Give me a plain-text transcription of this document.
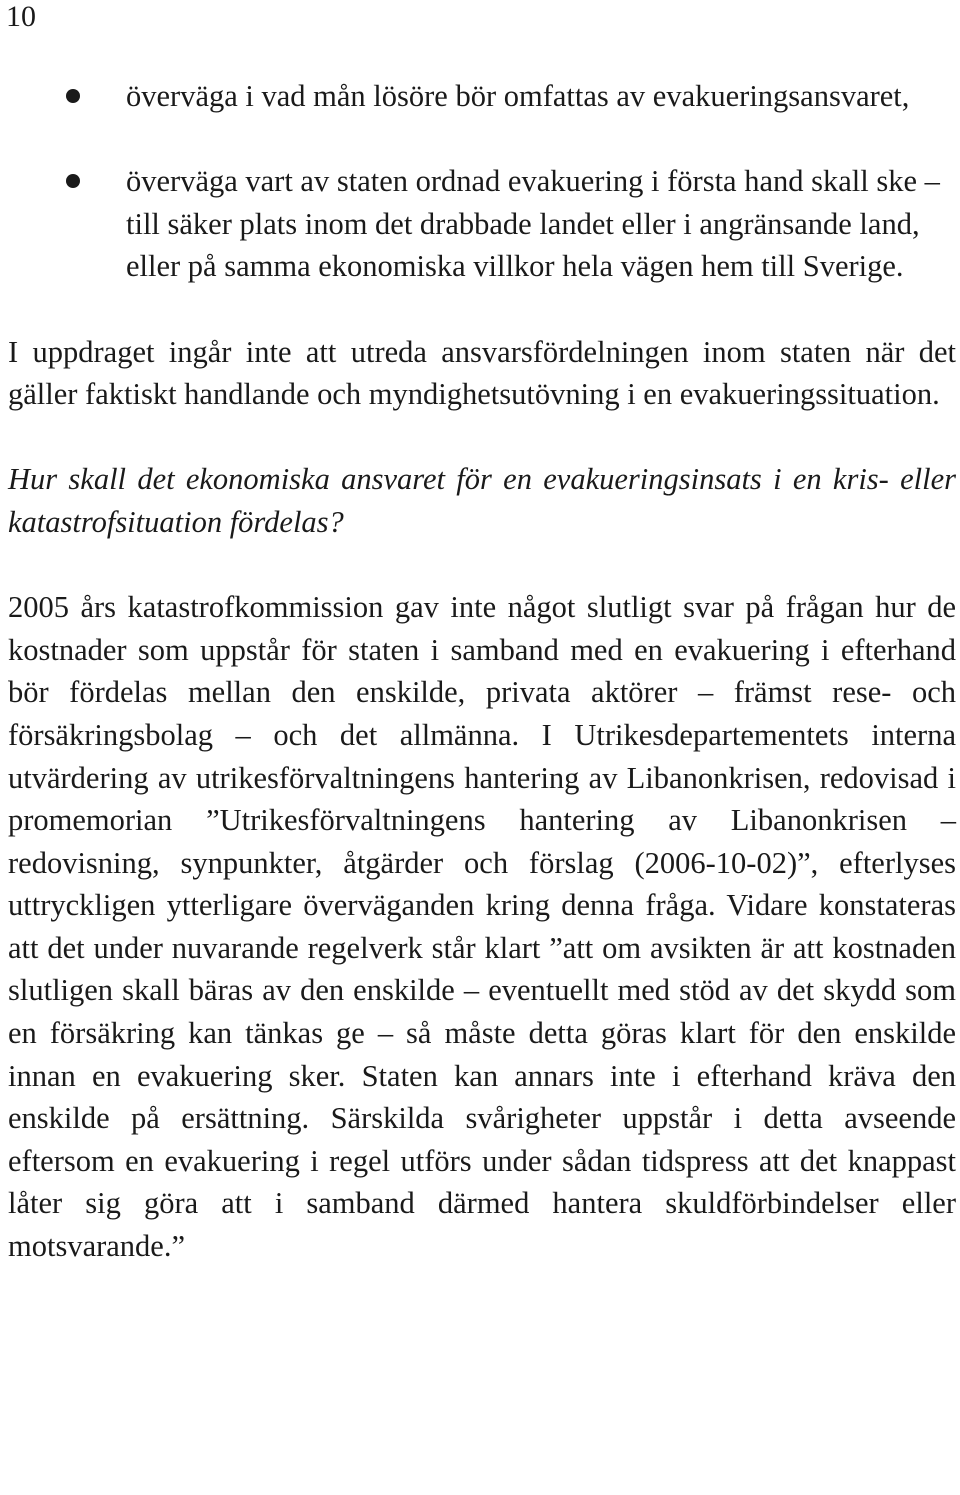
10
överväga i vad mån lösöre bör omfattas av evakueringsansvaret,
överväga vart av staten ordnad evakuering i första hand skall ske – till säker plats inom det drabbade landet eller i angränsande land, eller på samma ekonomiska villkor hela vägen hem till Sverige.

I uppdraget ingår inte att utreda ansvarsfördelningen inom staten när det gäller faktiskt handlande och myndighetsutövning i en evakueringssituation.

Hur skall det ekonomiska ansvaret för en evakueringsinsats i en kris- eller katastrofsituation fördelas?

2005 års katastrofkommission gav inte något slutligt svar på frågan hur de kostnader som uppstår för staten i samband med en evakuering i efterhand bör fördelas mellan den enskilde, privata aktörer – främst rese- och försäkringsbolag – och det allmänna. I Utrikesdepartementets interna utvärdering av utrikesförvaltningens hantering av Libanonkrisen, redovisad i promemorian ”Utrikesförvaltningens hantering av Libanonkrisen – redovisning, synpunkter, åtgärder och förslag (2006-10-02)”, efterlyses uttryckligen ytterligare överväganden kring denna fråga. Vidare konstateras att det under nuvarande regelverk står klart ”att om avsikten är att kostnaden slutligen skall bäras av den enskilde – eventuellt med stöd av det skydd som en försäkring kan tänkas ge – så måste detta göras klart för den enskilde innan en evakuering sker. Staten kan annars inte i efterhand kräva den enskilde på ersättning. Särskilda svårigheter uppstår i detta avseende eftersom en evakuering i regel utförs under sådan tidspress att det knappast låter sig göra att i samband därmed hantera skuldförbindelser eller motsvarande.”
